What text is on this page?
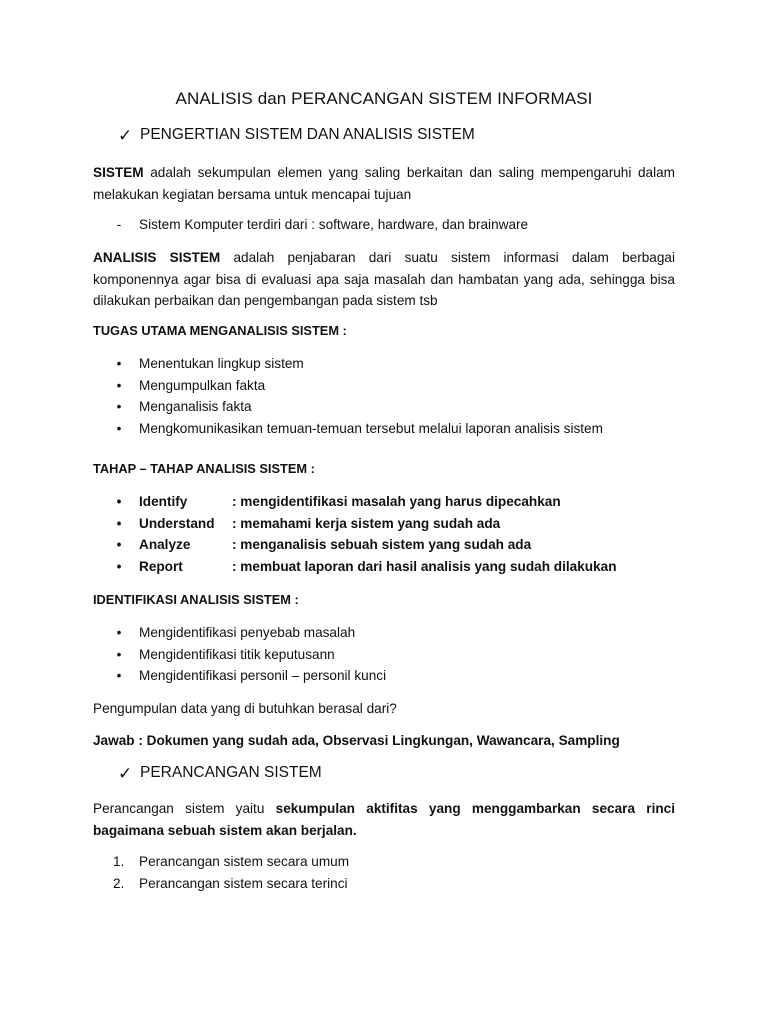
ANALISIS dan PERANCANGAN SISTEM INFORMASI
✓ PENGERTIAN SISTEM DAN ANALISIS SISTEM

SISTEM adalah sekumpulan elemen yang saling berkaitan dan saling mempengaruhi dalam
melakukan kegiatan bersama untuk mencapai tujuan

- Sistem Komputer terdiri dari : software, hardware, dan brainware

ANALISIS SISTEM adalah penjabaran dari suatu sistem informasi dalam berbagai
komponennya agar bisa di evaluasi apa saja masalah dan hambatan yang ada, sehingga bisa
dilakukan perbaikan dan pengembangan pada sistem tsb

TUGAS UTAMA MENGANALISIS SISTEM :

• Menentukan lingkup sistem
• Mengumpulkan fakta
• Menganalisis fakta
• Mengkomunikasikan temuan-temuan tersebut melalui laporan analisis sistem

TAHAP – TAHAP ANALISIS SISTEM :

• Identify	: mengidentifikasi masalah yang harus dipecahkan
• Understand : memahami kerja sistem yang sudah ada
• Analyze	: menganalisis sebuah sistem yang sudah ada
• Report	: membuat laporan dari hasil analisis yang sudah dilakukan

IDENTIFIKASI ANALISIS SISTEM :

• Mengidentifikasi penyebab masalah
• Mengidentifikasi titik keputusann
• Mengidentifikasi personil – personil kunci

Pengumpulan data yang di butuhkan berasal dari?

Jawab : Dokumen yang sudah ada, Observasi Lingkungan, Wawancara, Sampling

✓ PERANCANGAN SISTEM

Perancangan sistem yaitu sekumpulan aktifitas yang menggambarkan secara rinci
bagaimana sebuah sistem akan berjalan.

1. Perancangan sistem secara umum
2. Perancangan sistem secara terinci
